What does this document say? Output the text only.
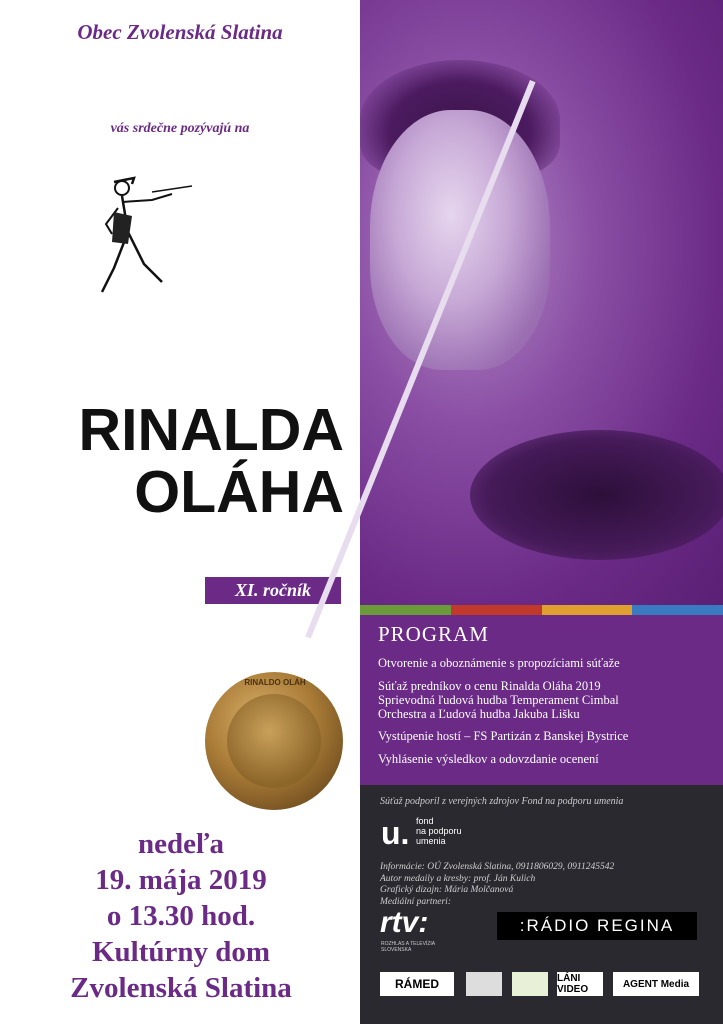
Obec Zvolenská Slatina
vás srdečne pozývajú na
RINALDA
OLÁHA
XI. ročník
RINALDO OLÁH
nedeľa
19. mája 2019
o 13.30 hod.
Kultúrny dom
Zvolenská Slatina
PROGRAM
Otvorenie a oboznámenie s propozíciami súťaže
Súťaž predníkov o cenu Rinalda Oláha 2019
Sprievodná ľudová hudba Temperament Cimbal
Orchestra a Ľudová hudba Jakuba Lišku
Vystúpenie hostí – FS Partizán z Banskej Bystrice
Vyhlásenie výsledkov a odovzdanie ocenení
Súťaž podporil z verejných zdrojov Fond na podporu umenia
u. fond
na podporu
umenia
Informácie: OÚ Zvolenská Slatina, 0911806029, 0911245542
Autor medaily a kresby: prof. Ján Kulich
Grafický dizajn: Mária Molčanová
Mediální partneri:
rtv:
ROZHLAS A TELEVÍZIA
SLOVENSKA
:RÁDIO REGINA
RÁMED	LÁNI VIDEO	AGENT Media
